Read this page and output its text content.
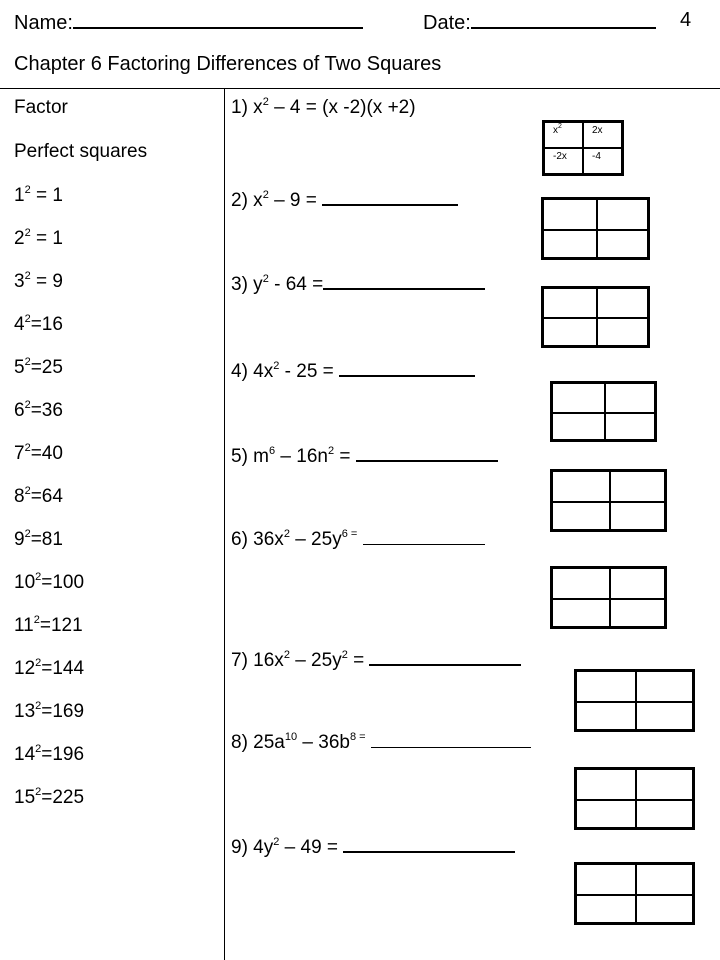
Name:	Date:	4
Chapter 6 Factoring Differences of Two Squares
Factor
Perfect squares
$1^2 = 1$
$2^2 = 1$
$3^2 = 9$
$4^2=16$
$5^2=25$
$6^2=36$
$7^2=40$
$8^2=64$
$9^2=81$
$10^2=100$
$11^2=121$
$12^2=144$
$13^2=169$
$14^2=196$
$15^2=225$
1) $x^2 - 4 = (x$ -2)(x +2)
$x^2$	2x
-2x	-4
2) $x^2 - 9$ =
3) $y^2 - 64$ =
4) $4x^2 - 25$ =
5) $m^6 - 16n^2$ =
6) $36x^2 - 25y^{6 =}$
7) $16x^2 - 25y^2$ =
8) $25a^{10} - 36b^{8 =}$
9) $4y^2 - 49$ =
